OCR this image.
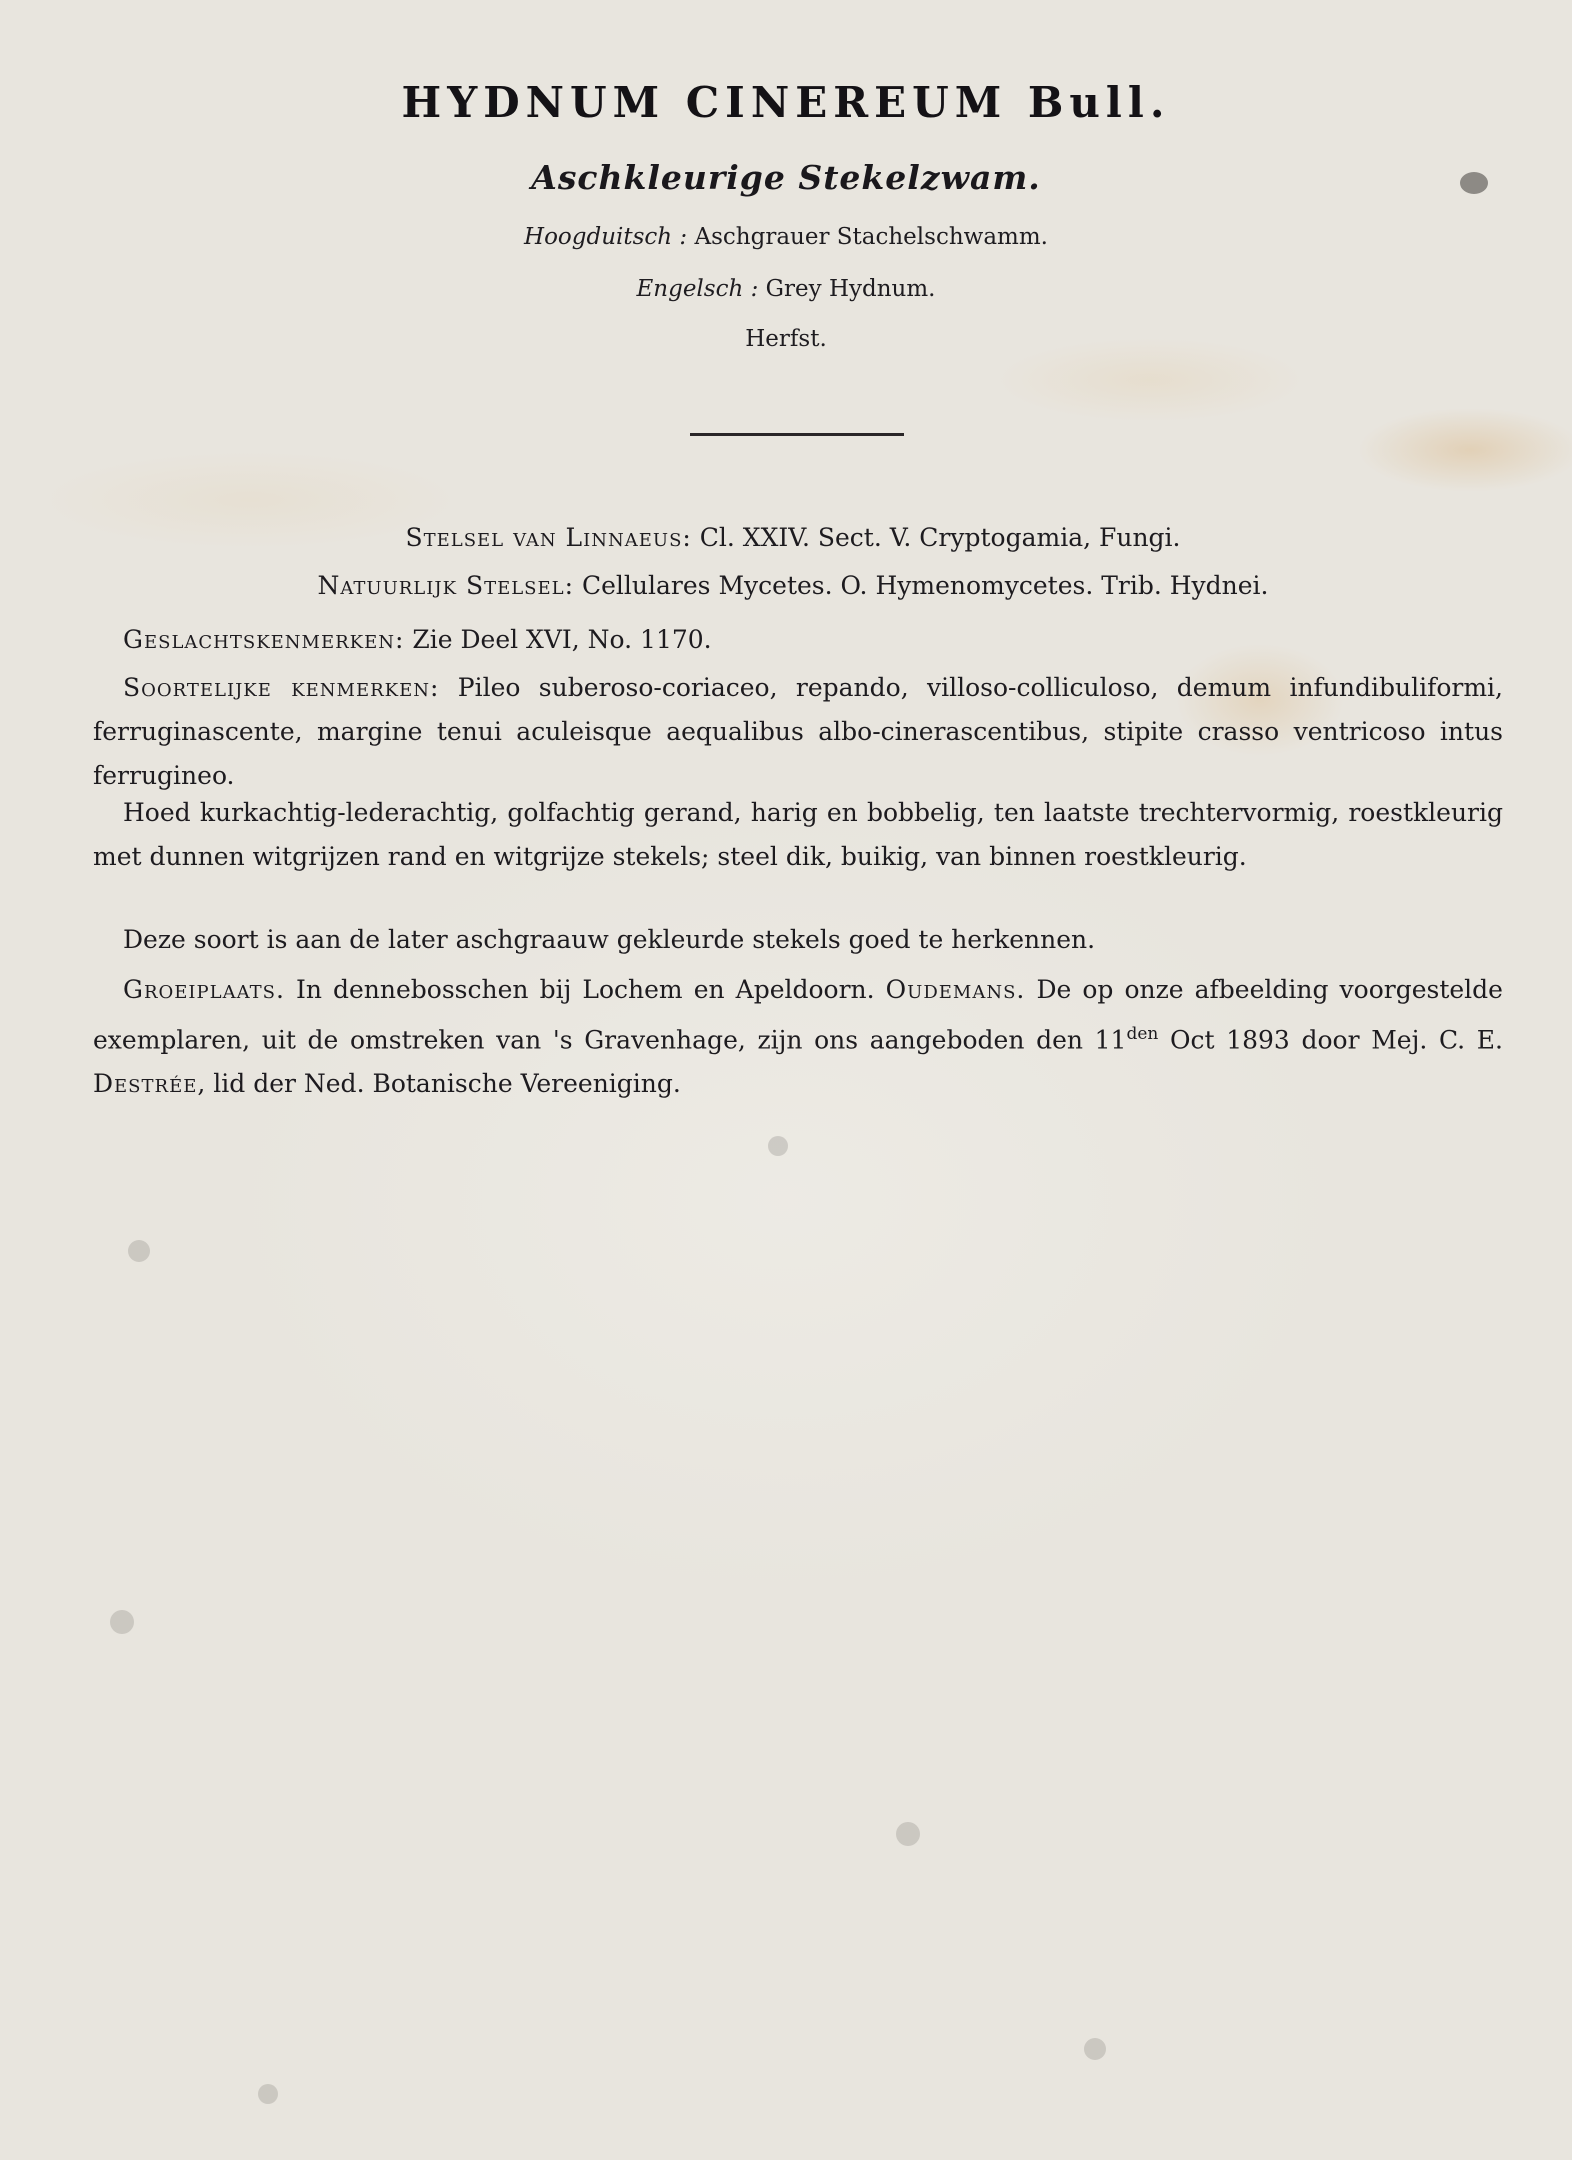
HYDNUM CINEREUM Bull.
Aschkleurige Stekelzwam.
Hoogduitsch : Aschgrauer Stachelschwamm.
Engelsch : Grey Hydnum.
Herfst.
Stelsel van Linnaeus: Cl. XXIV. Sect. V. Cryptogamia, Fungi.
Natuurlijk Stelsel: Cellulares Mycetes. O. Hymenomycetes. Trib. Hydnei.
Geslachtskenmerken: Zie Deel XVI, No. 1170.
Soortelijke kenmerken: Pileo suberoso-coriaceo, repando, villoso-colliculoso, demum infundibuliformi, ferruginascente, margine tenui aculeisque aequalibus albo-cinerascentibus, stipite crasso ventricoso intus ferrugineo.
Hoed kurkachtig-lederachtig, golfachtig gerand, harig en bobbelig, ten laatste trechtervormig, roestkleurig met dunnen witgrijzen rand en witgrijze stekels; steel dik, buikig, van binnen roestkleurig.
Deze soort is aan de later aschgraauw gekleurde stekels goed te herkennen.
Groeiplaats. In dennebosschen bij Lochem en Apeldoorn. Oudemans. De op onze afbeelding voorgestelde exemplaren, uit de omstreken van 's Gravenhage, zijn ons aangeboden den $11^{den}$ Oct 1893 door Mej. C. E. Destrée, lid der Ned. Botanische Vereeniging.
